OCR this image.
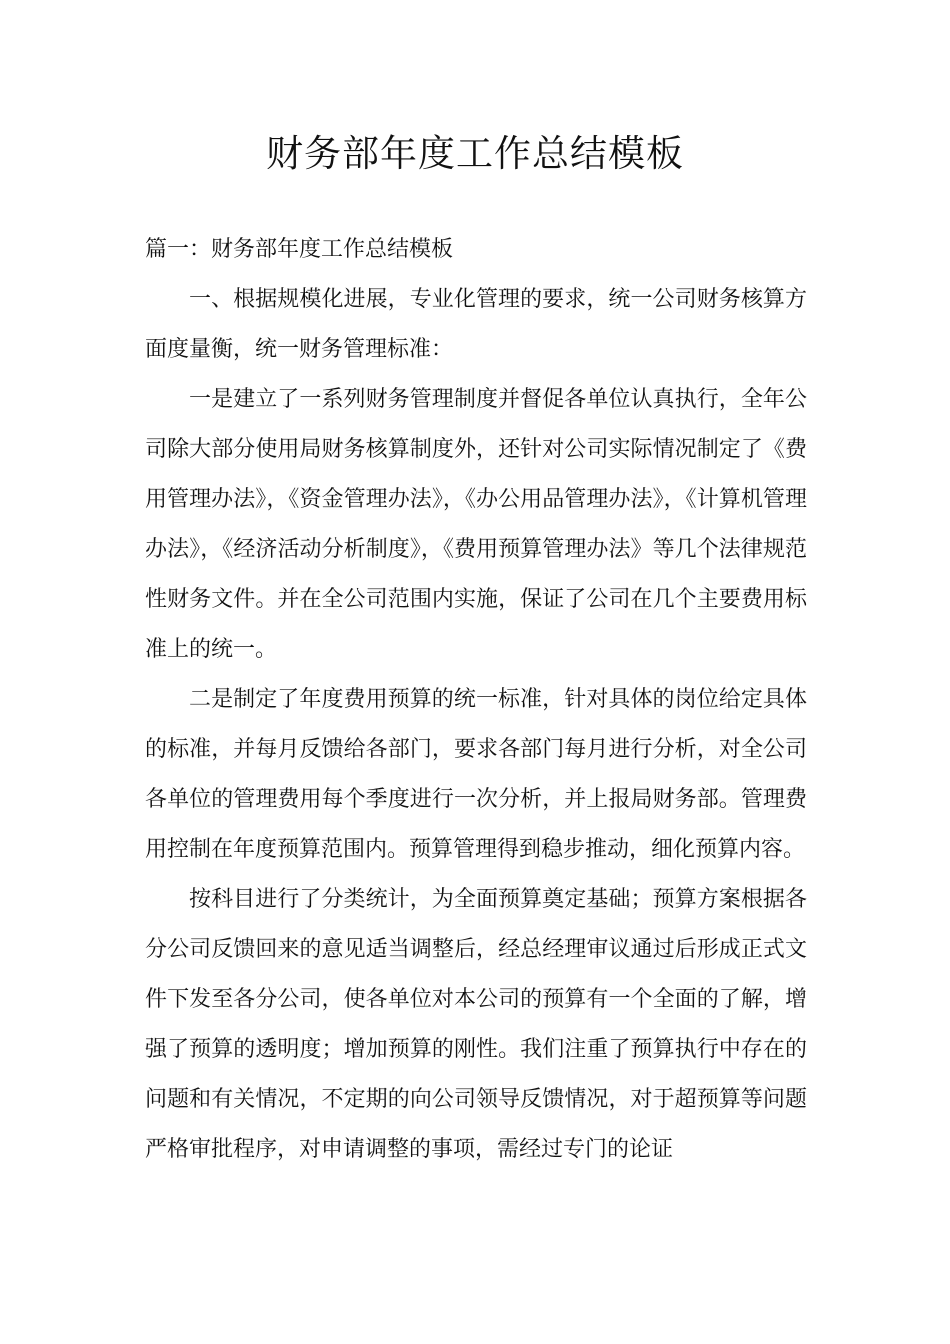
财务部年度工作总结模板

篇一：财务部年度工作总结模板

一、根据规模化进展，专业化管理的要求，统一公司财务核算方面度量衡，统一财务管理标准：

一是建立了一系列财务管理制度并督促各单位认真执行，全年公司除大部分使用局财务核算制度外，还针对公司实际情况制定了《费用管理办法》，《资金管理办法》，《办公用品管理办法》，《计算机管理办法》，《经济活动分析制度》，《费用预算管理办法》等几个法律规范性财务文件。并在全公司范围内实施，保证了公司在几个主要费用标准上的统一。

二是制定了年度费用预算的统一标准，针对具体的岗位给定具体的标准，并每月反馈给各部门，要求各部门每月进行分析，对全公司各单位的管理费用每个季度进行一次分析，并上报局财务部。管理费用控制在年度预算范围内。预算管理得到稳步推动，细化预算内容。

按科目进行了分类统计，为全面预算奠定基础；预算方案根据各分公司反馈回来的意见适当调整后，经总经理审议通过后形成正式文件下发至各分公司，使各单位对本公司的预算有一个全面的了解，增强了预算的透明度；增加预算的刚性。我们注重了预算执行中存在的问题和有关情况，不定期的向公司领导反馈情况，对于超预算等问题严格审批程序，对申请调整的事项，需经过专门的论证
